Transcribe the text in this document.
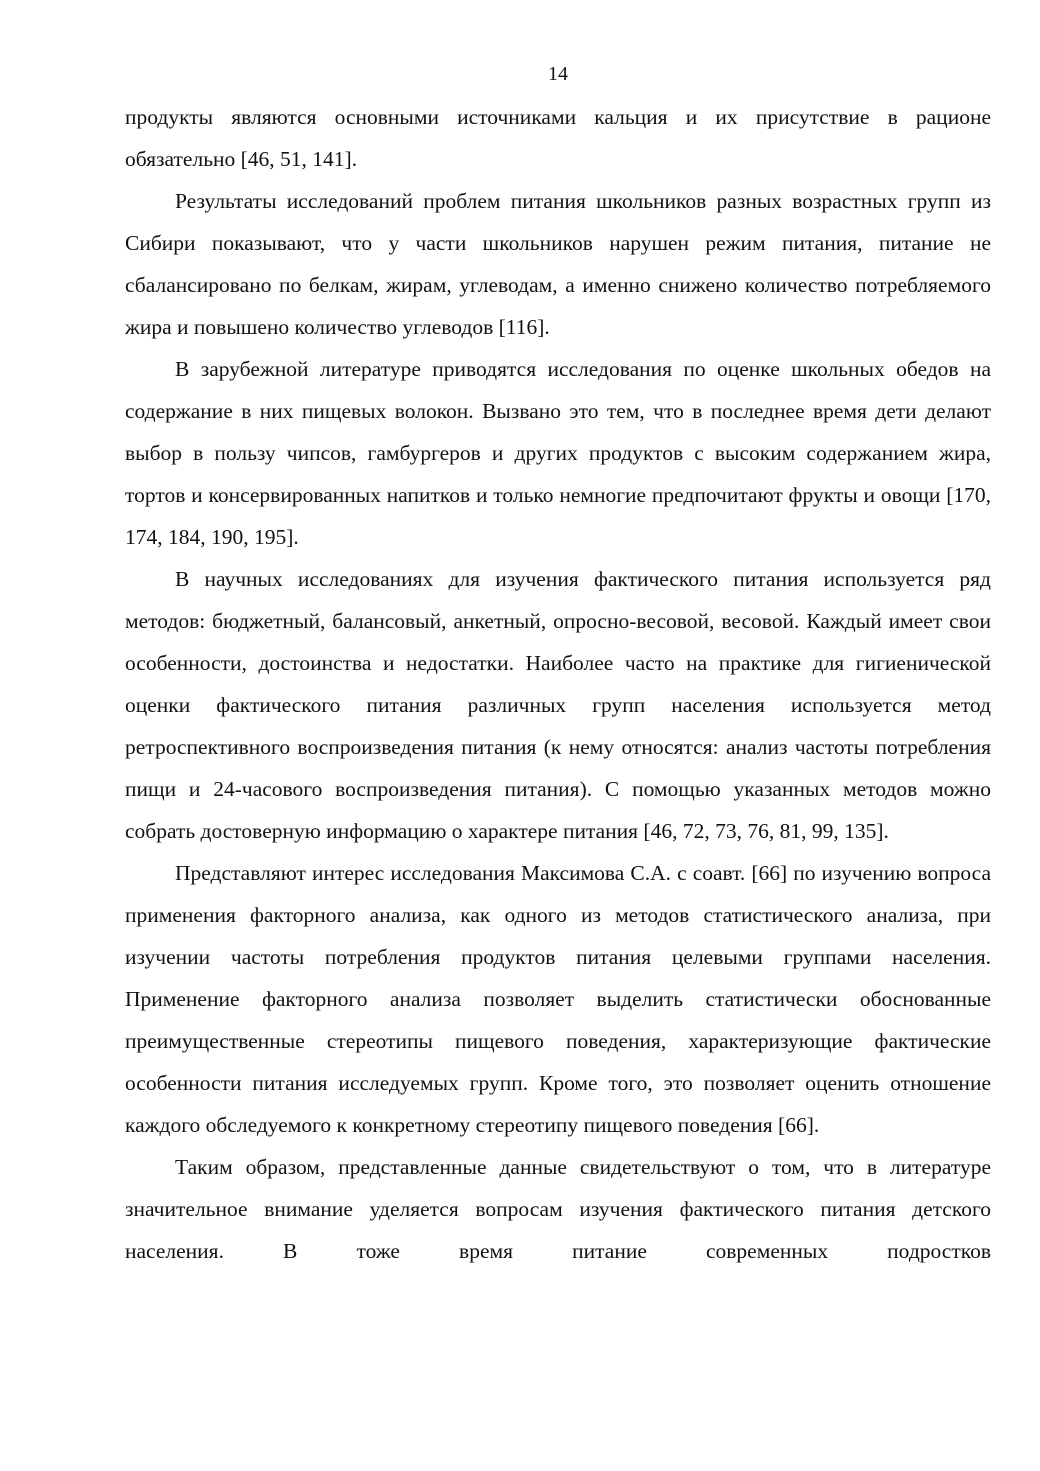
14

продукты являются основными источниками кальция и их присутствие в рационе обязательно [46, 51, 141].

Результаты исследований проблем питания школьников разных возрастных групп из Сибири показывают, что у части школьников нарушен режим питания, питание не сбалансировано по белкам, жирам, углеводам, а именно снижено количество потребляемого жира и повышено количество углеводов [116].

В зарубежной литературе приводятся исследования по оценке школьных обедов на содержание в них пищевых волокон. Вызвано это тем, что в последнее время дети делают выбор в пользу чипсов, гамбургеров и других продуктов с высоким содержанием жира, тортов и консервированных напитков и только немногие предпочитают фрукты и овощи [170, 174, 184, 190, 195].

В научных исследованиях для изучения фактического питания используется ряд методов: бюджетный, балансовый, анкетный, опросно-весовой, весовой. Каждый имеет свои особенности, достоинства и недостатки. Наиболее часто на практике для гигиенической оценки фактического питания различных групп населения используется метод ретроспективного воспроизведения питания (к нему относятся: анализ частоты потребления пищи и 24-часового воспроизведения питания). С помощью указанных методов можно собрать достоверную информацию о характере питания [46, 72, 73, 76, 81, 99, 135].

Представляют интерес исследования Максимова С.А. с соавт. [66] по изучению вопроса применения факторного анализа, как одного из методов статистического анализа, при изучении частоты потребления продуктов питания целевыми группами населения. Применение факторного анализа позволяет выделить статистически обоснованные преимущественные стереотипы пищевого поведения, характеризующие фактические особенности питания исследуемых групп. Кроме того, это позволяет оценить отношение каждого обследуемого к конкретному стереотипу пищевого поведения [66].

Таким образом, представленные данные свидетельствуют о том, что в литературе значительное внимание уделяется вопросам изучения фактического питания детского населения. В тоже время питание современных подростков
